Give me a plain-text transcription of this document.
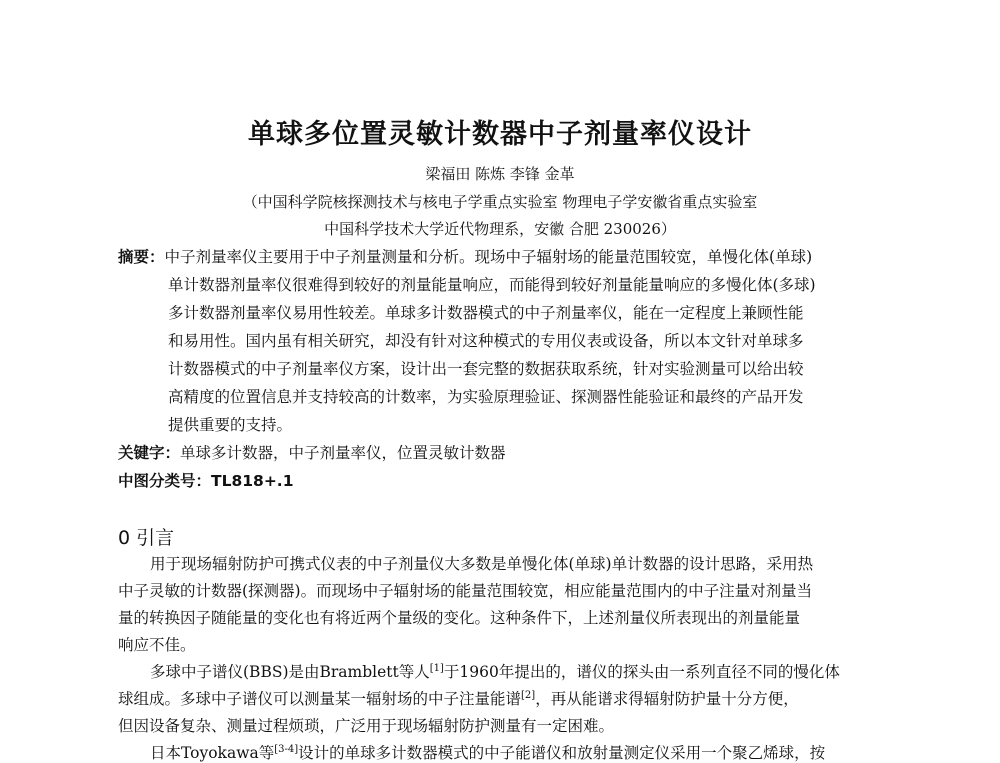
单球多位置灵敏计数器中子剂量率仪设计
梁福田 陈炼 李锋 金革
（中国科学院核探测技术与核电子学重点实验室 物理电子学安徽省重点实验室
中国科学技术大学近代物理系，安徽 合肥 230026）
摘要：中子剂量率仪主要用于中子剂量测量和分析。现场中子辐射场的能量范围较宽，单慢化体(单球)
单计数器剂量率仪很难得到较好的剂量能量响应，而能得到较好剂量能量响应的多慢化体(多球)
多计数器剂量率仪易用性较差。单球多计数器模式的中子剂量率仪，能在一定程度上兼顾性能
和易用性。国内虽有相关研究，却没有针对这种模式的专用仪表或设备，所以本文针对单球多
计数器模式的中子剂量率仪方案，设计出一套完整的数据获取系统，针对实验测量可以给出较
高精度的位置信息并支持较高的计数率，为实验原理验证、探测器性能验证和最终的产品开发
提供重要的支持。
关键字：单球多计数器，中子剂量率仪，位置灵敏计数器
中图分类号：TL818+.1
0 引言
用于现场辐射防护可携式仪表的中子剂量仪大多数是单慢化体(单球)单计数器的设计思路，采用热
中子灵敏的计数器(探测器)。而现场中子辐射场的能量范围较宽，相应能量范围内的中子注量对剂量当
量的转换因子随能量的变化也有将近两个量级的变化。这种条件下，上述剂量仪所表现出的剂量能量
响应不佳。
多球中子谱仪(BBS)是由Bramblett等人[1]于1960年提出的，谱仪的探头由一系列直径不同的慢化体
球组成。多球中子谱仪可以测量某一辐射场的中子注量能谱[2]，再从能谱求得辐射防护量十分方便，
但因设备复杂、测量过程烦琐，广泛用于现场辐射防护测量有一定困难。
日本Toyokawa等[3-4]设计的单球多计数器模式的中子能谱仪和放射量测定仪采用一个聚乙烯球，按
